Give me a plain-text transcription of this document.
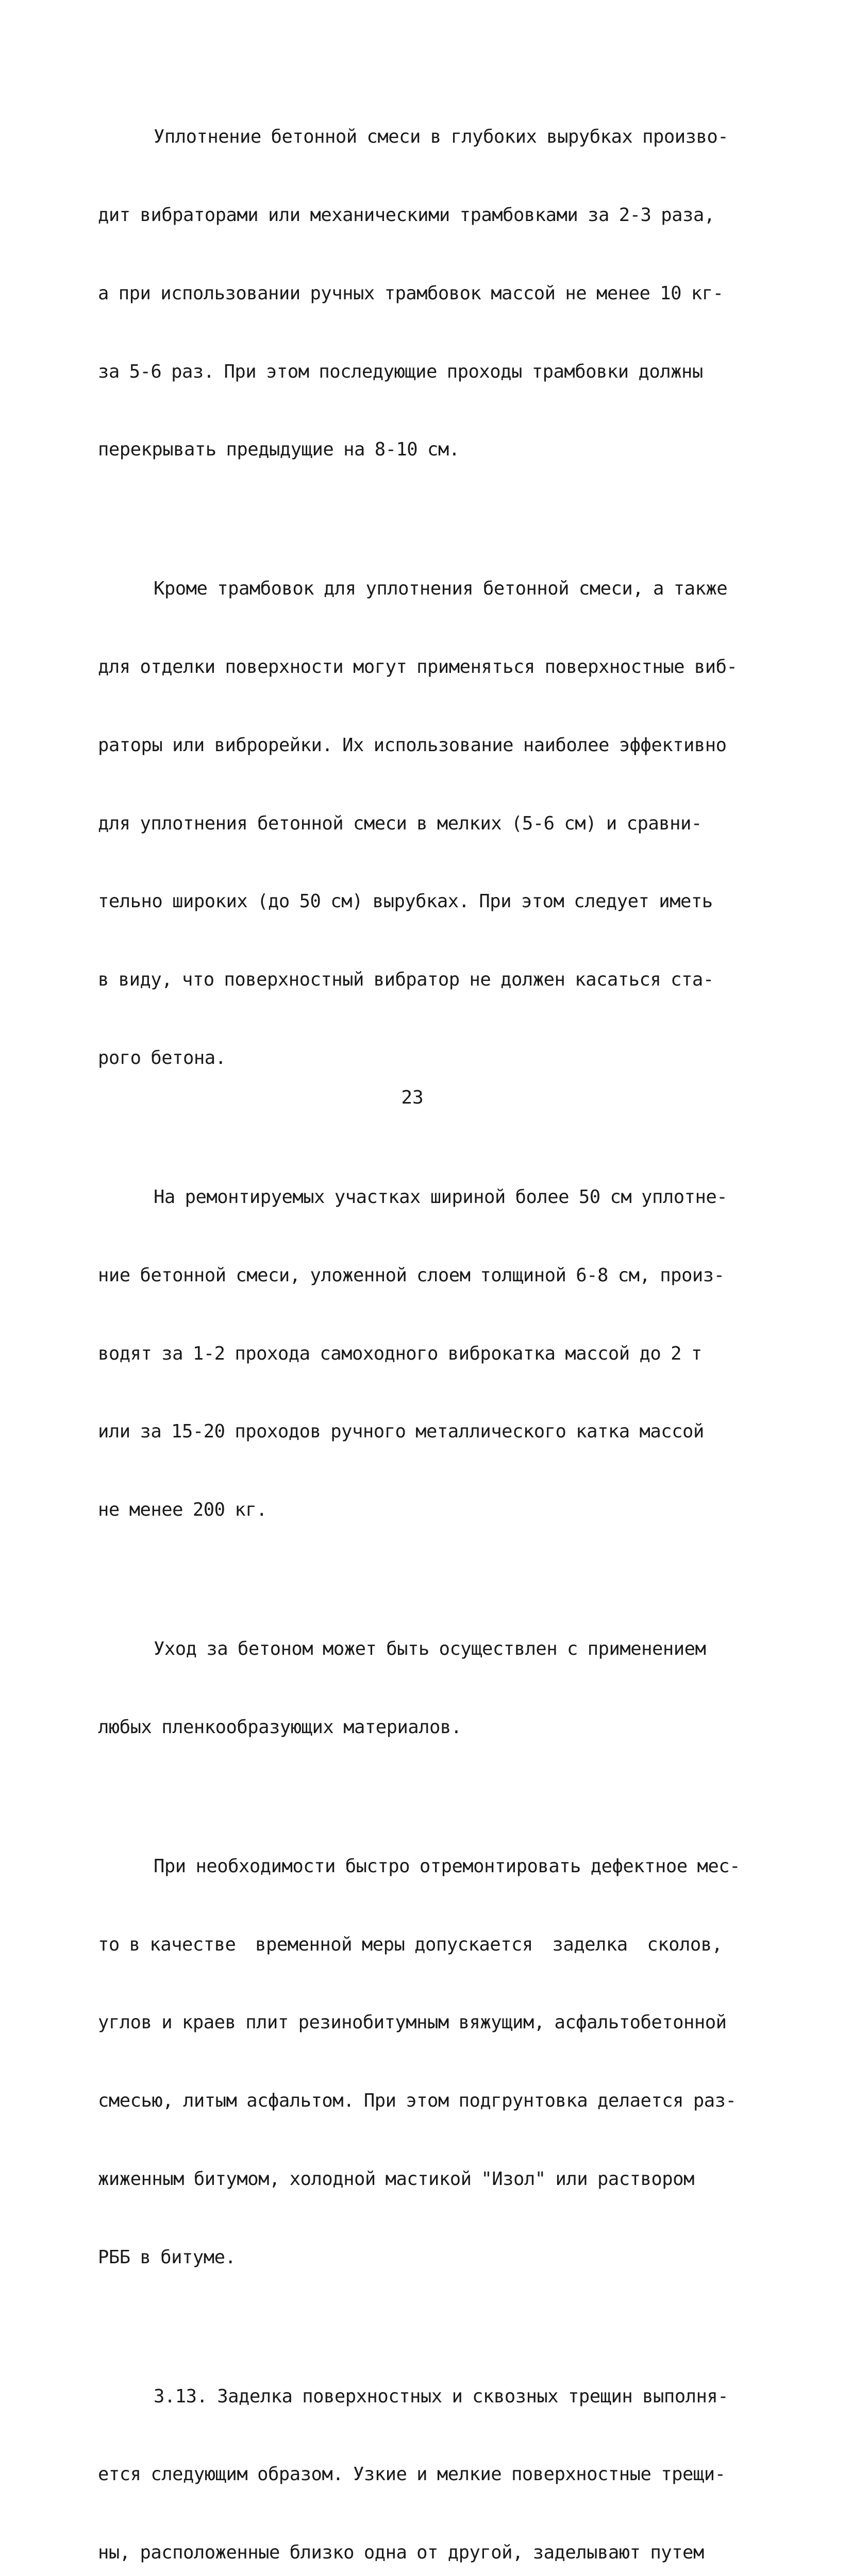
Уплотнение бетонной смеси в глубоких вырубках произво-

дит вибраторами или механическими трамбовками за 2-3 раза,

а при использовании ручных трамбовок массой не менее 10 кг-

за 5-6 раз. При этом последующие проходы трамбовки должны

перекрывать предыдущие на 8-10 см.

Кроме трамбовок для уплотнения бетонной смеси, а также

для отделки поверхности могут применяться поверхностные виб-

раторы или виброрейки. Их использование наиболее эффективно

для уплотнения бетонной смеси в мелких (5-6 см) и сравни-

тельно широких (до 50 см) вырубках. При этом следует иметь

в виду, что поверхностный вибратор не должен касаться ста-

рого бетона.

На ремонтируемых участках шириной более 50 см уплотне-

ние бетонной смеси, уложенной слоем толщиной 6-8 см, произ-

водят за 1-2 прохода самоходного виброкатка массой до 2 т

или за 15-20 проходов ручного металлического катка массой

не менее 200 кг.

Уход за бетоном может быть осуществлен с применением

любых пленкообразующих материалов.

При необходимости быстро отремонтировать дефектное мес-

то в качестве  временной меры допускается  заделка  сколов,

углов и краев плит резинобитумным вяжущим, асфальтобетонной

смесью, литым асфальтом. При этом подгрунтовка делается раз-

жиженным битумом, холодной мастикой "Изол" или раствором

РББ в битуме.

3.13. Заделка поверхностных и сквозных трещин выполня-

ется следующим образом. Узкие и мелкие поверхностные трещи-

ны, расположенные близко одна от другой, заделывают путем

23
